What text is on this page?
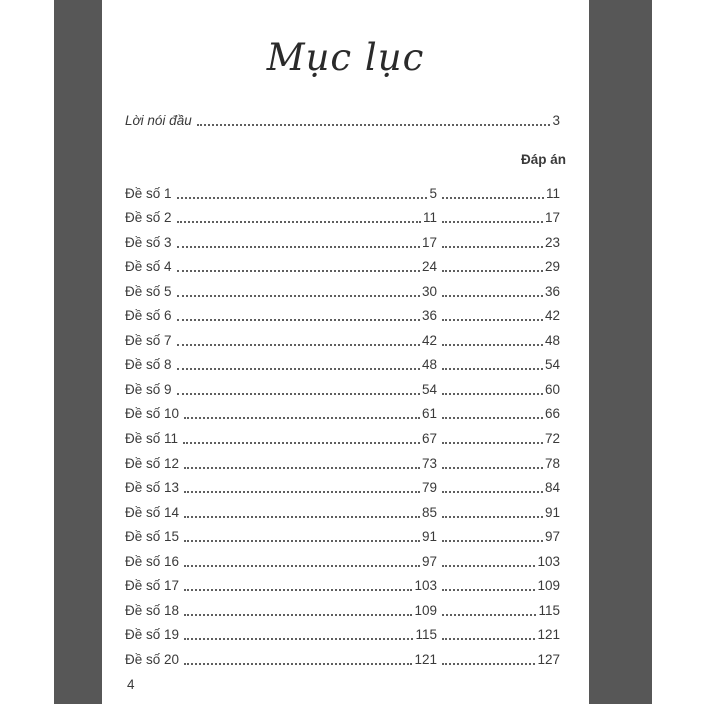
Mục lục
Lời nói đầu	3
Đáp án
Đề số 1	5	11
Đề số 2	11	17
Đề số 3	17	23
Đề số 4	24	29
Đề số 5	30	36
Đề số 6	36	42
Đề số 7	42	48
Đề số 8	48	54
Đề số 9	54	60
Đề số 10	61	66
Đề số 11	67	72
Đề số 12	73	78
Đề số 13	79	84
Đề số 14	85	91
Đề số 15	91	97
Đề số 16	97	103
Đề số 17	103	109
Đề số 18	109	115
Đề số 19	115	121
Đề số 20	121	127
4
